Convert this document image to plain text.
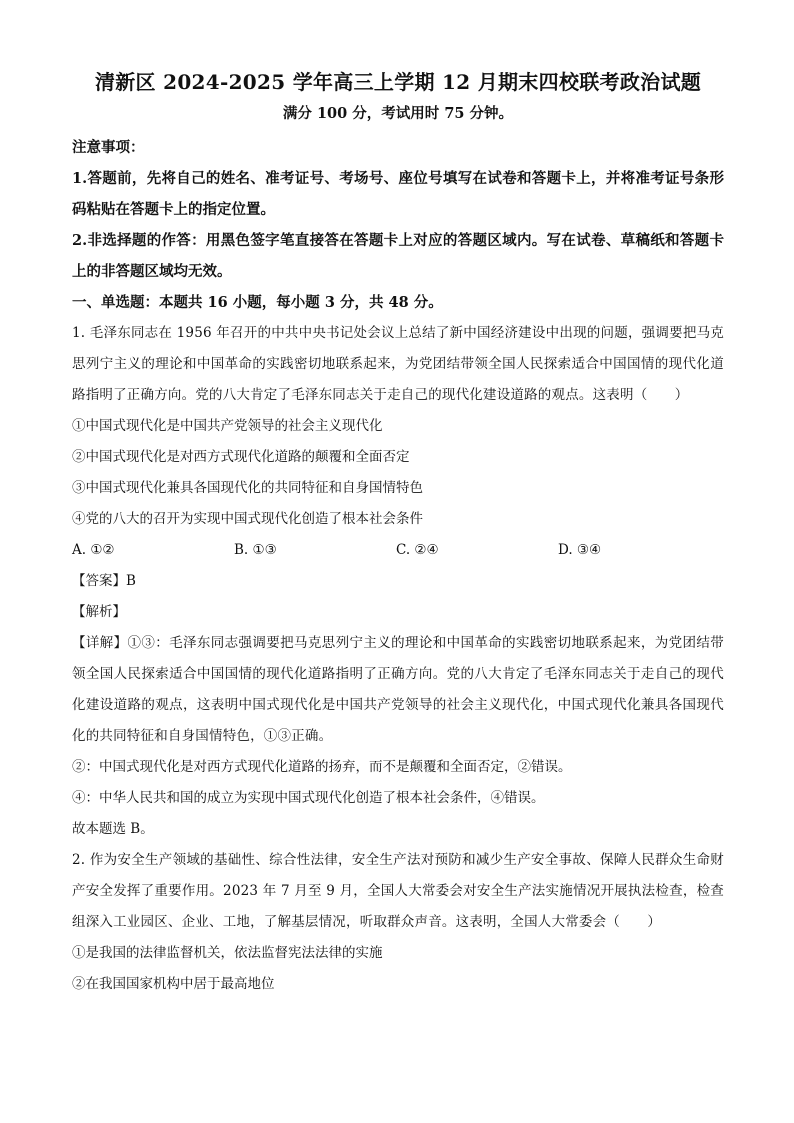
清新区 2024-2025 学年高三上学期 12 月期末四校联考政治试题
满分 100 分，考试用时 75 分钟。
注意事项：
1.答题前，先将自己的姓名、准考证号、考场号、座位号填写在试卷和答题卡上，并将准考证号条形码粘贴在答题卡上的指定位置。
2.非选择题的作答：用黑色签字笔直接答在答题卡上对应的答题区域内。写在试卷、草稿纸和答题卡上的非答题区域均无效。
一、单选题：本题共 16 小题，每小题 3 分，共 48 分。
1. 毛泽东同志在 1956 年召开的中共中央书记处会议上总结了新中国经济建设中出现的问题，强调要把马克思列宁主义的理论和中国革命的实践密切地联系起来，为党团结带领全国人民探索适合中国国情的现代化道路指明了正确方向。党的八大肯定了毛泽东同志关于走自己的现代化建设道路的观点。这表明（　　）
①中国式现代化是中国共产党领导的社会主义现代化
②中国式现代化是对西方式现代化道路的颠覆和全面否定
③中国式现代化兼具各国现代化的共同特征和自身国情特色
④党的八大的召开为实现中国式现代化创造了根本社会条件
A. ①②	B. ①③	C. ②④	D. ③④
【答案】B
【解析】
【详解】①③：毛泽东同志强调要把马克思列宁主义的理论和中国革命的实践密切地联系起来，为党团结带领全国人民探索适合中国国情的现代化道路指明了正确方向。党的八大肯定了毛泽东同志关于走自己的现代化建设道路的观点，这表明中国式现代化是中国共产党领导的社会主义现代化，中国式现代化兼具各国现代化的共同特征和自身国情特色，①③正确。
②：中国式现代化是对西方式现代化道路的扬弃，而不是颠覆和全面否定，②错误。
④：中华人民共和国的成立为实现中国式现代化创造了根本社会条件，④错误。
故本题选 B。
2. 作为安全生产领域的基础性、综合性法律，安全生产法对预防和减少生产安全事故、保障人民群众生命财产安全发挥了重要作用。2023 年 7 月至 9 月，全国人大常委会对安全生产法实施情况开展执法检查，检查组深入工业园区、企业、工地，了解基层情况，听取群众声音。这表明，全国人大常委会（　　）
①是我国的法律监督机关，依法监督宪法法律的实施
②在我国国家机构中居于最高地位
